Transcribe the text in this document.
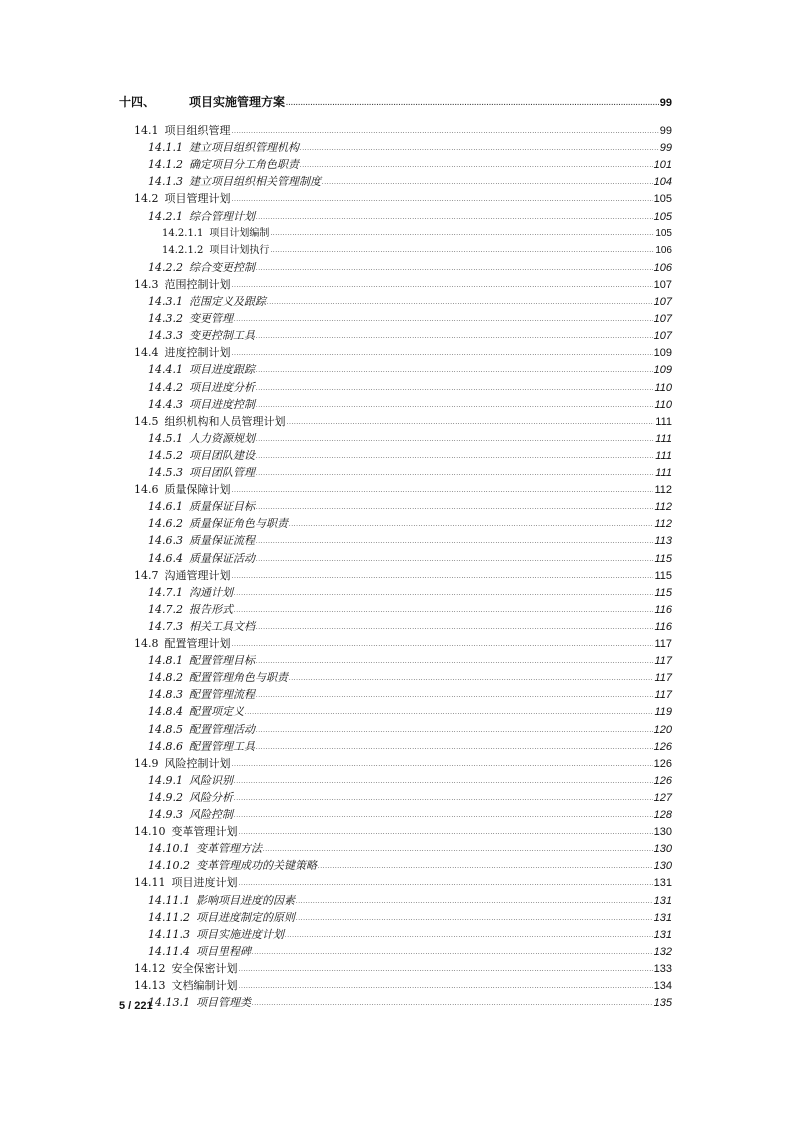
十四、	项目实施管理方案 .....	99
14.1 项目组织管理 .....	99
14.1.1 建立项目组织管理机构 .....	99
14.1.2 确定项目分工角色职责 .....	101
14.1.3 建立项目组织相关管理制度 .....	104
14.2 项目管理计划 .....	105
14.2.1 综合管理计划 .....	105
14.2.1.1 项目计划编制 .....	105
14.2.1.2 项目计划执行 .....	106
14.2.2 综合变更控制 .....	106
14.3 范围控制计划 .....	107
14.3.1 范围定义及跟踪 .....	107
14.3.2 变更管理 .....	107
14.3.3 变更控制工具 .....	107
14.4 进度控制计划 .....	109
14.4.1 项目进度跟踪 .....	109
14.4.2 项目进度分析 .....	110
14.4.3 项目进度控制 .....	110
14.5 组织机构和人员管理计划 .....	111
14.5.1 人力资源规划 .....	111
14.5.2 项目团队建设 .....	111
14.5.3 项目团队管理 .....	111
14.6 质量保障计划 .....	112
14.6.1 质量保证目标 .....	112
14.6.2 质量保证角色与职责 .....	112
14.6.3 质量保证流程 .....	113
14.6.4 质量保证活动 .....	115
14.7 沟通管理计划 .....	115
14.7.1 沟通计划 .....	115
14.7.2 报告形式 .....	116
14.7.3 相关工具文档 .....	116
14.8 配置管理计划 .....	117
14.8.1 配置管理目标 .....	117
14.8.2 配置管理角色与职责 .....	117
14.8.3 配置管理流程 .....	117
14.8.4 配置项定义 .....	119
14.8.5 配置管理活动 .....	120
14.8.6 配置管理工具 .....	126
14.9 风险控制计划 .....	126
14.9.1 风险识别 .....	126
14.9.2 风险分析 .....	127
14.9.3 风险控制 .....	128
14.10 变革管理计划 .....	130
14.10.1 变革管理方法 .....	130
14.10.2 变革管理成功的关键策略 .....	130
14.11 项目进度计划 .....	131
14.11.1 影响项目进度的因素 .....	131
14.11.2 项目进度制定的原则 .....	131
14.11.3 项目实施进度计划 .....	131
14.11.4 项目里程碑 .....	132
14.12 安全保密计划 .....	133
14.13 文档编制计划 .....	134
14.13.1 项目管理类 .....	135
5 / 221
